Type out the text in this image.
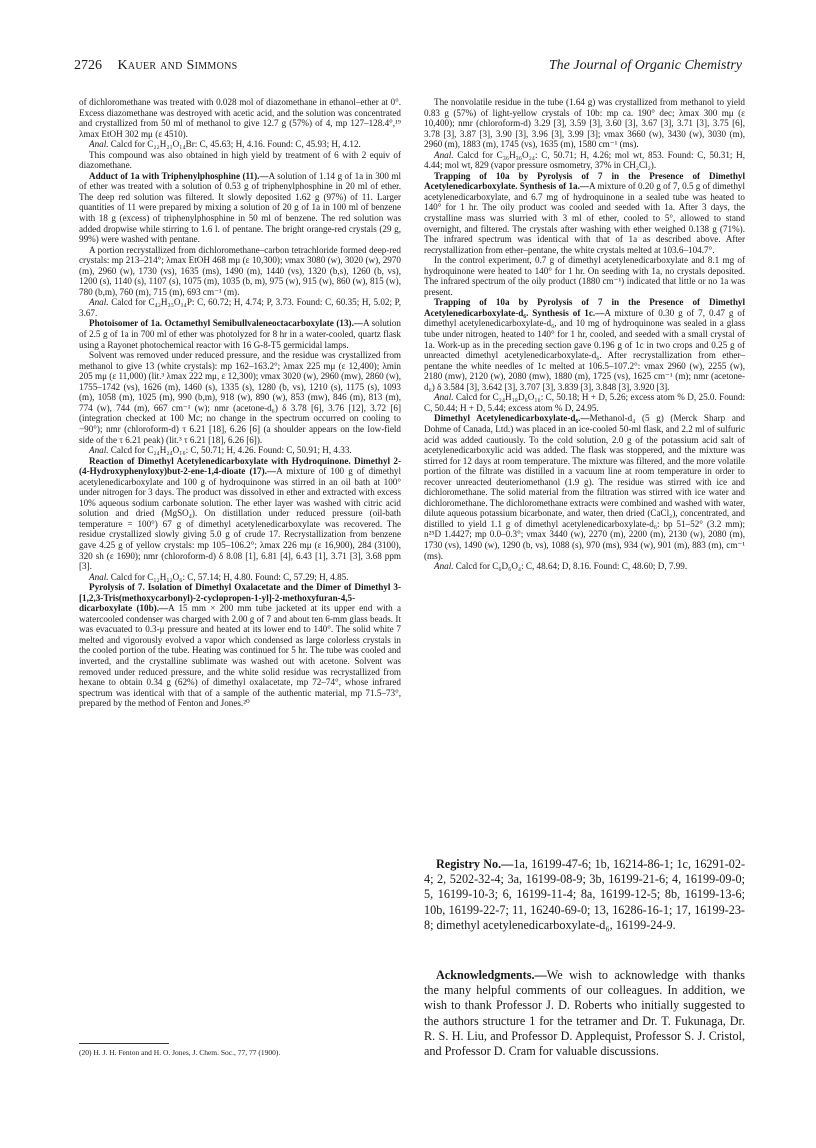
2726 Kauer and Simmons	The Journal of Organic Chemistry

of dichloromethane was treated with 0.028 mol of diazomethane in ethanol–ether at 0°. Excess diazomethane was destroyed with acetic acid, and the solution was concentrated and crystallized from 50 ml of methanol to give 12.7 g (57%) of 4, mp 127–128.4°,¹⁹ λmax EtOH 302 mμ (ε 4510).

Anal. Calcd for C₂₂H₂₁O₁₄Br: C, 45.63; H, 4.16. Found: C, 45.93; H, 4.12.

This compound was also obtained in high yield by treatment of 6 with 2 equiv of diazomethane.

Adduct of 1a with Triphenylphosphine (11).—A solution of 1.14 g of 1a in 300 ml of ether was treated with a solution of 0.53 g of triphenylphosphine in 20 ml of ether. The deep red solution was filtered. It slowly deposited 1.62 g (97%) of 11. Larger quantities of 11 were prepared by mixing a solution of 20 g of 1a in 100 ml of benzene with 18 g (excess) of triphenylphosphine in 50 ml of benzene. The red solution was added dropwise while stirring to 1.6 l. of pentane. The bright orange-red crystals (29 g, 99%) were washed with pentane.

A portion recrystallized from dichloromethane–carbon tetrachloride formed deep-red crystals: mp 213–214°; λmax EtOH 468 mμ (ε 10,300); νmax 3080 (w), 3020 (w), 2970 (m), 2960 (w), 1730 (vs), 1635 (ms), 1490 (m), 1440 (vs), 1320 (b,s), 1260 (b, vs), 1200 (s), 1140 (s), 1107 (s), 1075 (m), 1035 (b, m), 975 (w), 915 (w), 860 (w), 815 (w), 780 (b,m), 760 (m), 715 (m), 693 cm⁻¹ (m).

Anal. Calcd for C₄₂H₃₅O₁₄P: C, 60.72; H, 4.74; P, 3.73. Found: C, 60.35; H, 5.02; P, 3.67.

Photoisomer of 1a. Octamethyl Semibullvaleneoctacarboxylate (13).—A solution of 2.5 g of 1a in 700 ml of ether was photolyzed for 8 hr in a water-cooled, quartz flask using a Rayonet photochemical reactor with 16 G-8-T5 germicidal lamps.

Solvent was removed under reduced pressure, and the residue was crystallized from methanol to give 13 (white crystals): mp 162–163.2°; λmax 225 mμ (ε 12,400); λmin 205 mμ (ε 11,000) (lit.³ λmax 222 mμ, ε 12,300); νmax 3020 (w), 2960 (mw), 2860 (w), 1755–1742 (vs), 1626 (m), 1460 (s), 1335 (s), 1280 (b, vs), 1210 (s), 1175 (s), 1093 (m), 1058 (m), 1025 (m), 990 (b,m), 918 (w), 890 (w), 853 (mw), 846 (m), 813 (m), 774 (w), 744 (m), 667 cm⁻¹ (w); nmr (acetone-d₆) δ 3.78 [6], 3.76 [12], 3.72 [6] (integration checked at 100 Mc; no change in the spectrum occurred on cooling to −90°); nmr (chloroform-d) τ 6.21 [18], 6.26 [6] (a shoulder appears on the low-field side of the τ 6.21 peak) (lit.³ τ 6.21 [18], 6.26 [6]).

Anal. Calcd for C₂₄H₂₄O₁₆: C, 50.71; H, 4.26. Found: C, 50.91; H, 4.33.

Reaction of Dimethyl Acetylenedicarboxylate with Hydroquinone. Dimethyl 2-(4-Hydroxyphenyloxy)but-2-ene-1,4-dioate (17).—A mixture of 100 g of dimethyl acetylenedicarboxylate and 100 g of hydroquinone was stirred in an oil bath at 100° under nitrogen for 3 days. The product was dissolved in ether and extracted with excess 10% aqueous sodium carbonate solution. The ether layer was washed with citric acid solution and dried (MgSO₄). On distillation under reduced pressure (oil-bath temperature = 100°) 67 g of dimethyl acetylenedicarboxylate was recovered. The residue crystallized slowly giving 5.0 g of crude 17. Recrystallization from benzene gave 4.25 g of yellow crystals: mp 105–106.2°; λmax 226 mμ (ε 16,900), 284 (3100), 320 sh (ε 1690); nmr (chloroform-d) δ 8.08 [1], 6.81 [4], 6.43 [1], 3.71 [3], 3.68 ppm [3].

Anal. Calcd for C₁₂H₁₂O₆: C, 57.14; H, 4.80. Found: C, 57.29; H, 4.85.

Pyrolysis of 7. Isolation of Dimethyl Oxalacetate and the Dimer of Dimethyl 3-[1,2,3-Tris(methoxycarbonyl)-2-cyclopropen-1-yl]-2-methoxyfuran-4,5-dicarboxylate (10b).—A 15 mm × 200 mm tube jacketed at its upper end with a watercooled condenser was charged with 2.00 g of 7 and about ten 6-mm glass beads. It was evacuated to 0.3-μ pressure and heated at its lower end to 140°. The solid white 7 melted and vigorously evolved a vapor which condensed as large colorless crystals in the cooled portion of the tube. Heating was continued for 5 hr. The tube was cooled and inverted, and the crystalline sublimate was washed out with acetone. Solvent was removed under reduced pressure, and the white solid residue was recrystallized from hexane to obtain 0.34 g (62%) of dimethyl oxalacetate, mp 72–74°, whose infrared spectrum was identical with that of a sample of the authentic material, mp 71.5–73°, prepared by the method of Fenton and Jones.²⁰

The nonvolatile residue in the tube (1.64 g) was crystallized from methanol to yield 0.83 g (57%) of light-yellow crystals of 10b: mp ca. 190° dec; λmax 300 mμ (ε 10,400); nmr (chloroform-d) 3.29 [3], 3.59 [3], 3.60 [3], 3.67 [3], 3.71 [3], 3.75 [6], 3.78 [3], 3.87 [3], 3.90 [3], 3.96 [3], 3.99 [3]; νmax 3660 (w), 3430 (w), 3030 (m), 2960 (m), 1883 (m), 1745 (vs), 1635 (m), 1580 cm⁻¹ (ms).

Anal. Calcd for C₃₆H₃₆O₂₄: C, 50.71; H, 4.26; mol wt, 853. Found: C, 50.31; H, 4.44; mol wt, 829 (vapor pressure osmometry, 37% in CH₂Cl₂).

Trapping of 10a by Pyrolysis of 7 in the Presence of Dimethyl Acetylenedicarboxylate. Synthesis of 1a.—A mixture of 0.20 g of 7, 0.5 g of dimethyl acetylenedicarboxylate, and 6.7 mg of hydroquinone in a sealed tube was heated to 140° for 1 hr. The oily product was cooled and seeded with 1a. After 3 days, the crystalline mass was slurried with 3 ml of ether, cooled to 5°, allowed to stand overnight, and filtered. The crystals after washing with ether weighed 0.138 g (71%). The infrared spectrum was identical with that of 1a as described above. After recrystallization from ether–pentane, the white crystals melted at 103.6–104.7°.

In the control experiment, 0.7 g of dimethyl acetylenedicarboxylate and 8.1 mg of hydroquinone were heated to 140° for 1 hr. On seeding with 1a, no crystals deposited. The infrared spectrum of the oily product (1880 cm⁻¹) indicated that little or no 1a was present.

Trapping of 10a by Pyrolysis of 7 in the Presence of Dimethyl Acetylenedicarboxylate-d₆. Synthesis of 1c.—A mixture of 0.30 g of 7, 0.47 g of dimethyl acetylenedicarboxylate-d₆, and 10 mg of hydroquinone was sealed in a glass tube under nitrogen, heated to 140° for 1 hr, cooled, and seeded with a small crystal of 1a. Work-up as in the preceding section gave 0.196 g of 1c in two crops and 0.25 g of unreacted dimethyl acetylenedicarboxylate-d₆. After recrystallization from ether–pentane the white needles of 1c melted at 106.5–107.2°: νmax 2960 (w), 2255 (w), 2180 (mw), 2120 (w), 2080 (mw), 1880 (m), 1725 (vs), 1625 cm⁻¹ (m); nmr (acetone-d₆) δ 3.584 [3], 3.642 [3], 3.707 [3], 3.839 [3], 3.848 [3], 3.920 [3].

Anal. Calcd for C₂₄H₁₈D₆O₁₆: C, 50.18; H + D, 5.26; excess atom % D, 25.0. Found: C, 50.44; H + D, 5.44; excess atom % D, 24.95.

Dimethyl Acetylenedicarboxylate-d₆.—Methanol-d₄ (5 g) (Merck Sharp and Dohme of Canada, Ltd.) was placed in an ice-cooled 50-ml flask, and 2.2 ml of sulfuric acid was added cautiously. To the cold solution, 2.0 g of the potassium acid salt of acetylenedicarboxylic acid was added. The flask was stoppered, and the mixture was stirred for 12 days at room temperature. The mixture was filtered, and the more volatile portion of the filtrate was distilled in a vacuum line at room temperature in order to recover unreacted deuteriomethanol (1.9 g). The residue was stirred with ice and dichloromethane. The solid material from the filtration was stirred with ice water and dichloromethane. The dichloromethane extracts were combined and washed with water, dilute aqueous potassium bicarbonate, and water, then dried (CaCl₂), concentrated, and distilled to yield 1.1 g of dimethyl acetylenedicarboxylate-d₆: bp 51–52° (3.2 mm); n²⁵D 1.4427; mp 0.0–0.3°; νmax 3440 (w), 2270 (m), 2200 (m), 2130 (w), 2080 (m), 1730 (vs), 1490 (w), 1290 (b, vs), 1088 (s), 970 (ms), 934 (w), 901 (m), 883 (m), cm⁻¹ (ms).

Anal. Calcd for C₆D₆O₄: C, 48.64; D, 8.16. Found: C, 48.60; D, 7.99.

(20) H. J. H. Fenton and H. O. Jones, J. Chem. Soc., 77, 77 (1900).

Registry No.—1a, 16199-47-6; 1b, 16214-86-1; 1c, 16291-02-4; 2, 5202-32-4; 3a, 16199-08-9; 3b, 16199-21-6; 4, 16199-09-0; 5, 16199-10-3; 6, 16199-11-4; 8a, 16199-12-5; 8b, 16199-13-6; 10b, 16199-22-7; 11, 16240-69-0; 13, 16286-16-1; 17, 16199-23-8; dimethyl acetylenedicarboxylate-d₆, 16199-24-9.

Acknowledgments.—We wish to acknowledge with thanks the many helpful comments of our colleagues. In addition, we wish to thank Professor J. D. Roberts who initially suggested to the authors structure 1 for the tetramer and Dr. T. Fukunaga, Dr. R. S. H. Liu, and Professor D. Applequist, Professor S. J. Cristol, and Professor D. Cram for valuable discussions.
